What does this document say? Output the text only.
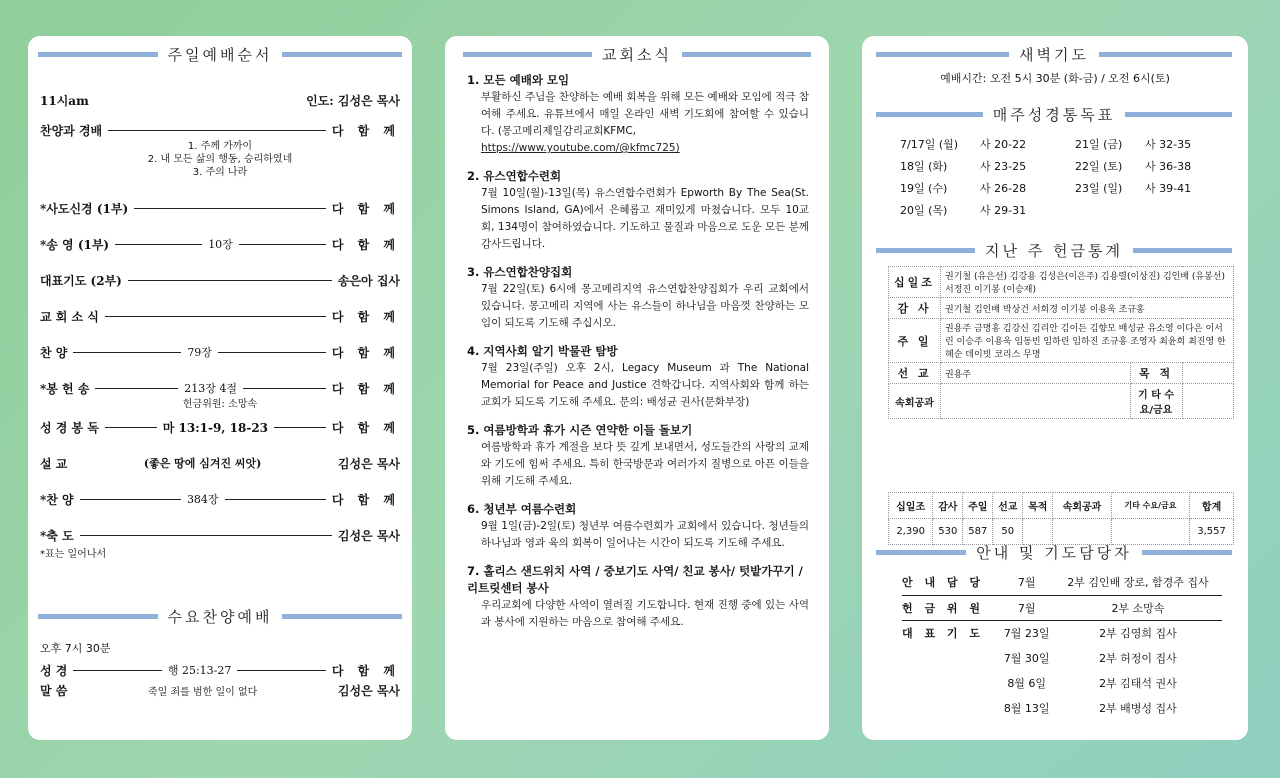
주일예배순서
11시am	인도: 김성은 목사
찬양과 경배	다 함 께
1. 주께 가까이
2. 내 모든 삶의 행동, 승리하였네
3. 주의 나라
*사도신경 (1부)	다 함 께
*송 영 (1부)	10장	다 함 께
대표기도 (2부)	송은아 집사
교 회 소 식	다 함 께
찬 양	79장	다 함 께
*봉 헌 송	213장 4절	다 함 께
헌금위원: 소망속
성 경 봉 독	마 13:1-9, 18-23	다 함 께
설 교	(좋은 땅에 심겨진 씨앗)	김성은 목사
*찬 양	384장	다 함 께
*축 도	김성은 목사
*표는 일어나서
수요찬양예배
오후 7시 30분
성 경	행 25:13-27	다 함 께
말 씀	죽일 죄를 범한 일이 없다	김성은 목사
교회소식
1. 모든 예배와 모임
부활하신 주님을 찬양하는 예배 회복을 위해 모든 예배와 모임에 적극 참여해 주세요. 유튜브에서 매일 온라인 새벽 기도회에 참여할 수 있습니다. (몽고메리제일감리교회KFMC,
https://www.youtube.com/@kfmc725)
2. 유스연합수련회
7월 10일(월)-13일(목) 유스연합수련회가 Epworth By The Sea(St. Simons Island, GA)에서 은혜롭고 재미있게 마쳤습니다. 모두 10교회, 134명이 참여하였습니다. 기도하고 물질과 마음으로 도운 모든 분께 감사드립니다.
3. 유스연합찬양집회
7월 22일(토) 6시에 몽고메리지역 유스연합찬양집회가 우리 교회에서 있습니다. 몽고메리 지역에 사는 유스들이 하나님을 마음껏 찬양하는 모임이 되도록 기도해 주십시오.
4. 지역사회 알기 박물관 탐방
7월 23일(주일) 오후 2시, Legacy Museum 과 The National Memorial for Peace and Justice 견학갑니다. 지역사회와 함께 하는 교회가 되도록 기도해 주세요. 문의: 배성균 권사(문화부장)
5. 여름방학과 휴가 시즌 연약한 이들 돌보기
여름방학과 휴가 계절을 보다 뜻 깊게 보내면서, 성도들간의 사랑의 교제와 기도에 힘써 주세요. 특히 한국방문과 여러가지 질병으로 아픈 이들을 위해 기도해 주세요.
6. 청년부 여름수련회
9월 1일(금)-2일(토) 청년부 여름수련회가 교회에서 있습니다. 청년들의 하나님과 영과 육의 회복이 일어나는 시간이 되도록 기도해 주세요.
7. 홀리스 샌드위치 사역 / 중보기도 사역/ 친교 봉사/ 텃밭가꾸기 / 리트릿센터 봉사
우리교회에 다양한 사역이 열려질 기도합니다. 현재 진행 중에 있는 사역과 봉사에 지원하는 마음으로 참여해 주세요.
새벽기도
예배시간: 오전 5시 30분 (화-금) / 오전 6시(토)
매주성경통독표
7/17일 (월)	사 20-22	21일 (금)	사 32-35
18일 (화)	사 23-25	22일 (토)	사 36-38
19일 (수)	사 26-28	23일 (일)	사 39-41
20일 (목)	사 29-31
지난 주 헌금통계
십일조	권기철 (유은선) 김강용 김성은(이은주) 김용렬(이상진) 김인배 (유봉선) 서정진 이기봉 (이승재)		
감 사	권기철 김인배 박상건 서희경 이기봉 이용욱 조규홍		
주 일	권용주 금명홍 김강신 김리안 김이든 김향모 배성균 유소영 이다은 이서린 이승주 이용욱 임동빈 임하린 임하진 조규홍 조영자 최윤희 최진영 한혜순 데이빗 코리스 무명		
선 교	권용주	목 적	
속회공과		기 타 수요/금요	
십일조	감사	주일	선교	목적	속회공과	기타 수요/금요	합계
2,390	530	587	50				3,557
안내 및 기도담당자
안 내 담 당	7월	2부 김인배 장로, 함경주 집사
헌 금 위 원	7월	2부 소망속
대 표 기 도	7월 23일	2부 김영희 집사
	7월 30일	2부 허정이 집사
	8월 6일	2부 김태석 권사
	8월 13일	2부 배병성 집사
